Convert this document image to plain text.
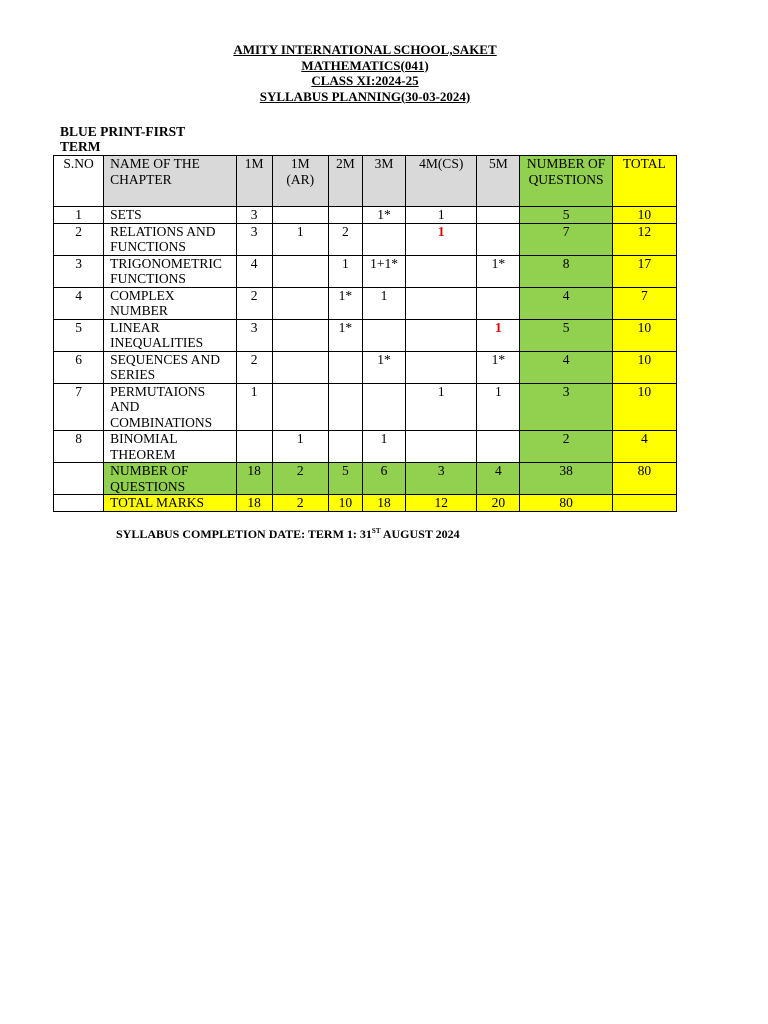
AMITY INTERNATIONAL SCHOOL,SAKET
MATHEMATICS(041)
CLASS XI:2024-25
SYLLABUS PLANNING(30-03-2024)
BLUE PRINT-FIRST TERM
S.NO	NAME OF THE CHAPTER	1M	1M (AR)	2M	3M	4M(CS)	5M	NUMBER OF QUESTIONS	TOTAL
1	SETS	3			1*	1		5	10
2	RELATIONS AND FUNCTIONS	3	1	2		1		7	12
3	TRIGONOMETRIC FUNCTIONS	4		1	1+1*		1*	8	17
4	COMPLEX NUMBER	2		1*	1			4	7
5	LINEAR INEQUALITIES	3		1*			1	5	10
6	SEQUENCES AND SERIES	2			1*		1*	4	10
7	PERMUTAIONS AND COMBINATIONS	1				1	1	3	10
8	BINOMIAL THEOREM		1		1			2	4
	NUMBER OF QUESTIONS	18	2	5	6	3	4	38	80
	TOTAL MARKS	18	2	10	18	12	20	80	
SYLLABUS COMPLETION DATE: TERM 1: 31ST AUGUST 2024
